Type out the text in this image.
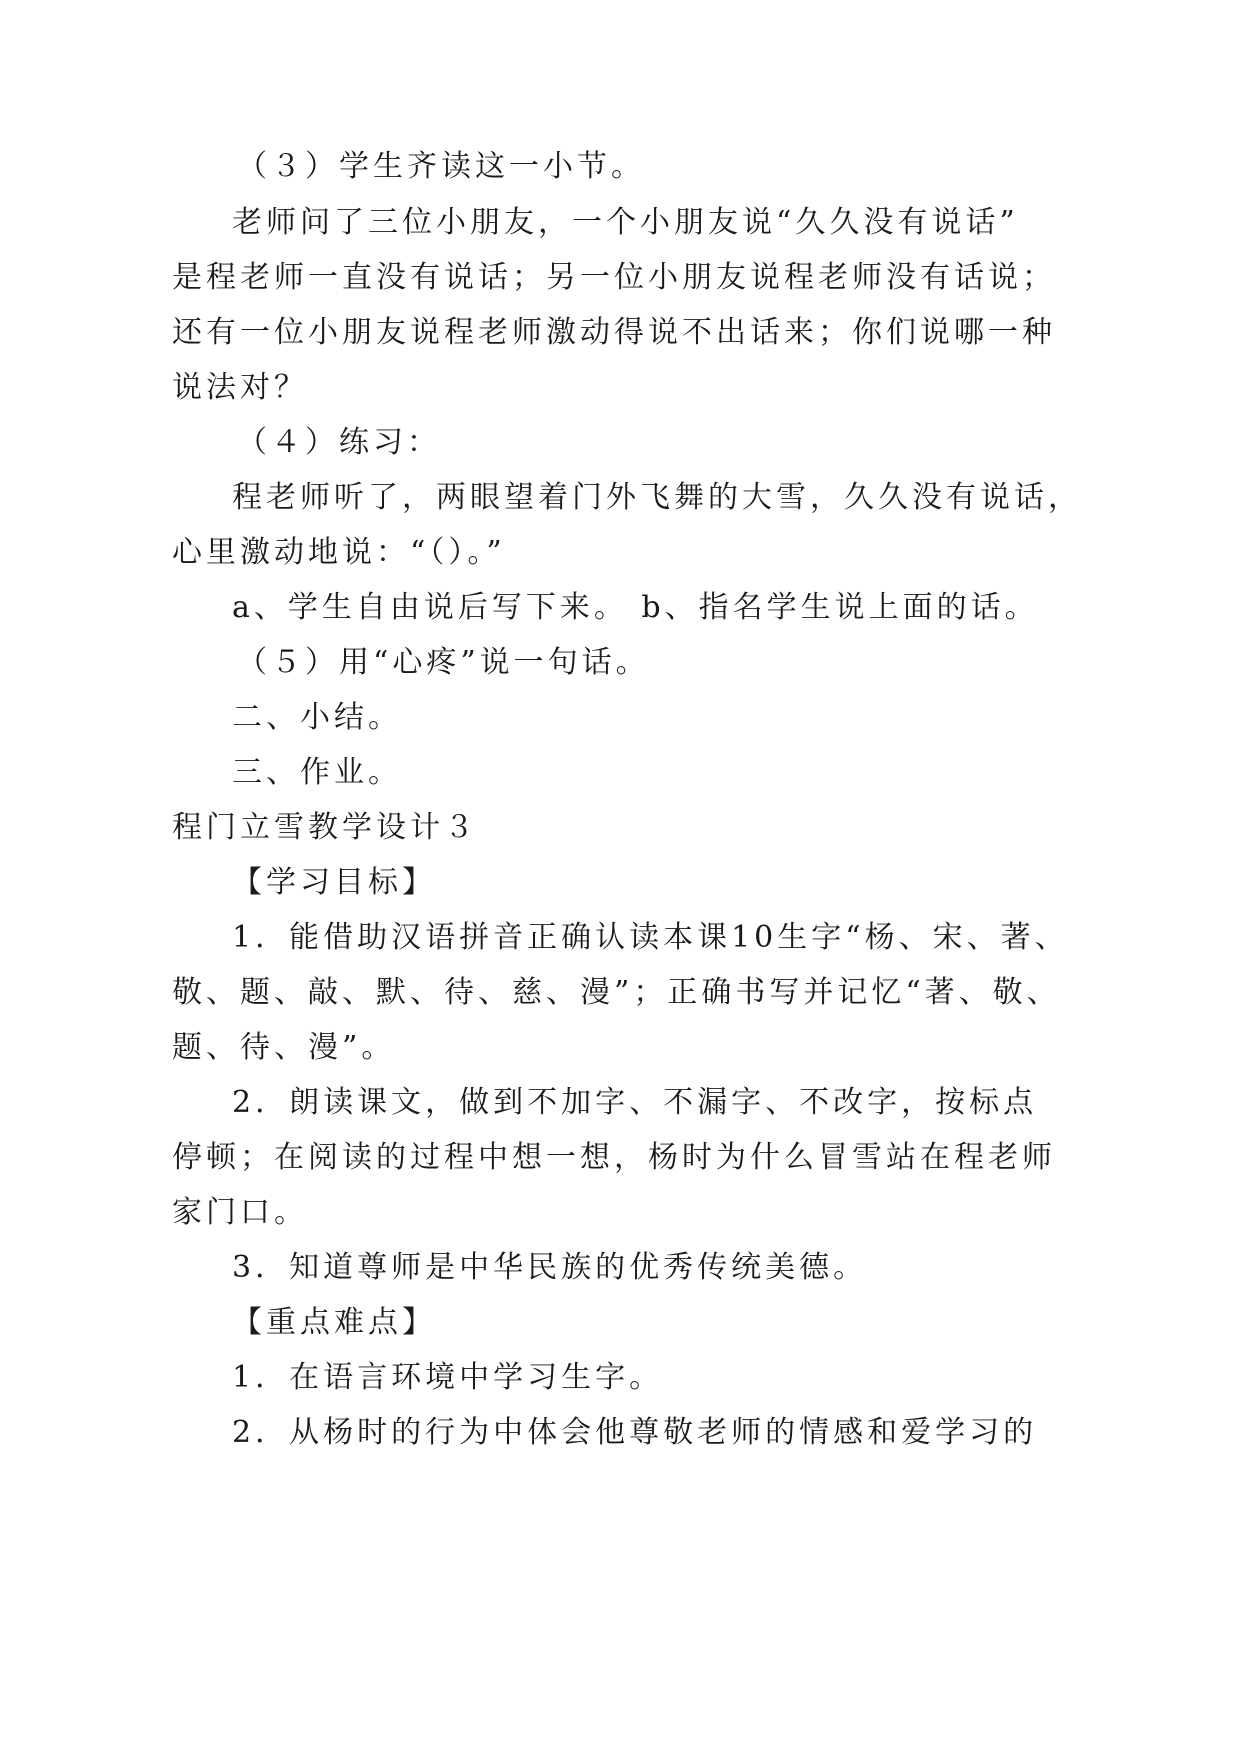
（３）学生齐读这一小节。
老师问了三位小朋友，一个小朋友说“久久没有说话”
是程老师一直没有说话；另一位小朋友说程老师没有话说；
还有一位小朋友说程老师激动得说不出话来；你们说哪一种
说法对？
（４）练习：
程老师听了，两眼望着门外飞舞的大雪，久久没有说话，
心里激动地说：“（）。”
a、学生自由说后写下来。 b、指名学生说上面的话。
（５）用“心疼”说一句话。
二、小结。
三、作业。
程门立雪教学设计３
【学习目标】
1．能借助汉语拼音正确认读本课10生字“杨、宋、著、
敬、题、敲、默、待、慈、漫”；正确书写并记忆“著、敬、
题、待、漫”。
2．朗读课文，做到不加字、不漏字、不改字，按标点
停顿；在阅读的过程中想一想，杨时为什么冒雪站在程老师
家门口。
3．知道尊师是中华民族的优秀传统美德。
【重点难点】
1．在语言环境中学习生字。
2．从杨时的行为中体会他尊敬老师的情感和爱学习的
